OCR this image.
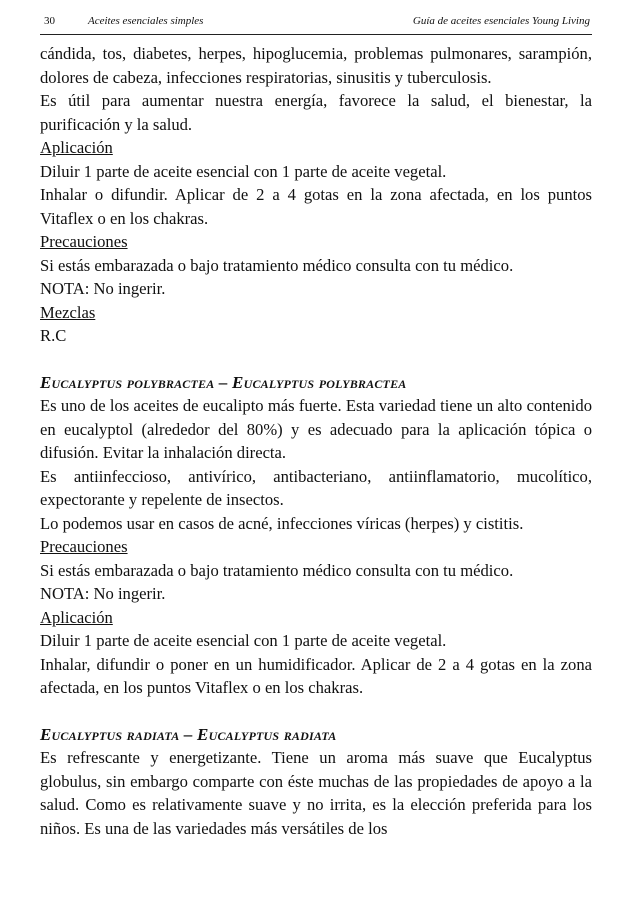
30	Aceites esenciales simples	Guía de aceites esenciales Young Living

cándida, tos, diabetes, herpes, hipoglucemia, problemas pulmonares, sarampión, dolores de cabeza, infecciones respiratorias, sinusitis y tuberculosis.

Es útil para aumentar nuestra energía, favorece la salud, el bienestar, la purificación y la salud.

Aplicación

Diluir 1 parte de aceite esencial con 1 parte de aceite vegetal.

Inhalar o difundir. Aplicar de 2 a 4 gotas en la zona afectada, en los puntos Vitaflex o en los chakras.

Precauciones

Si estás embarazada o bajo tratamiento médico consulta con tu médico.

NOTA: No ingerir.

Mezclas

R.C

Eucalyptus polybractea – Eucalyptus polybractea

Es uno de los aceites de eucalipto más fuerte. Esta variedad tiene un alto contenido en eucalyptol (alrededor del 80%) y es adecuado para la aplicación tópica o difusión. Evitar la inhalación directa.

Es antiinfeccioso, antivírico, antibacteriano, antiinflamatorio, mucolítico, expectorante y repelente de insectos.

Lo podemos usar en casos de acné, infecciones víricas (herpes) y cistitis.

Precauciones

Si estás embarazada o bajo tratamiento médico consulta con tu médico.

NOTA: No ingerir.

Aplicación

Diluir 1 parte de aceite esencial con 1 parte de aceite vegetal.

Inhalar, difundir o poner en un humidificador. Aplicar de 2 a 4 gotas en la zona afectada, en los puntos Vitaflex o en los chakras.

Eucalyptus radiata – Eucalyptus radiata

Es refrescante y energetizante. Tiene un aroma más suave que Eucalyptus globulus, sin embargo comparte con éste muchas de las propiedades de apoyo a la salud. Como es relativamente suave y no irrita, es la elección preferida para los niños. Es una de las variedades más versátiles de los
